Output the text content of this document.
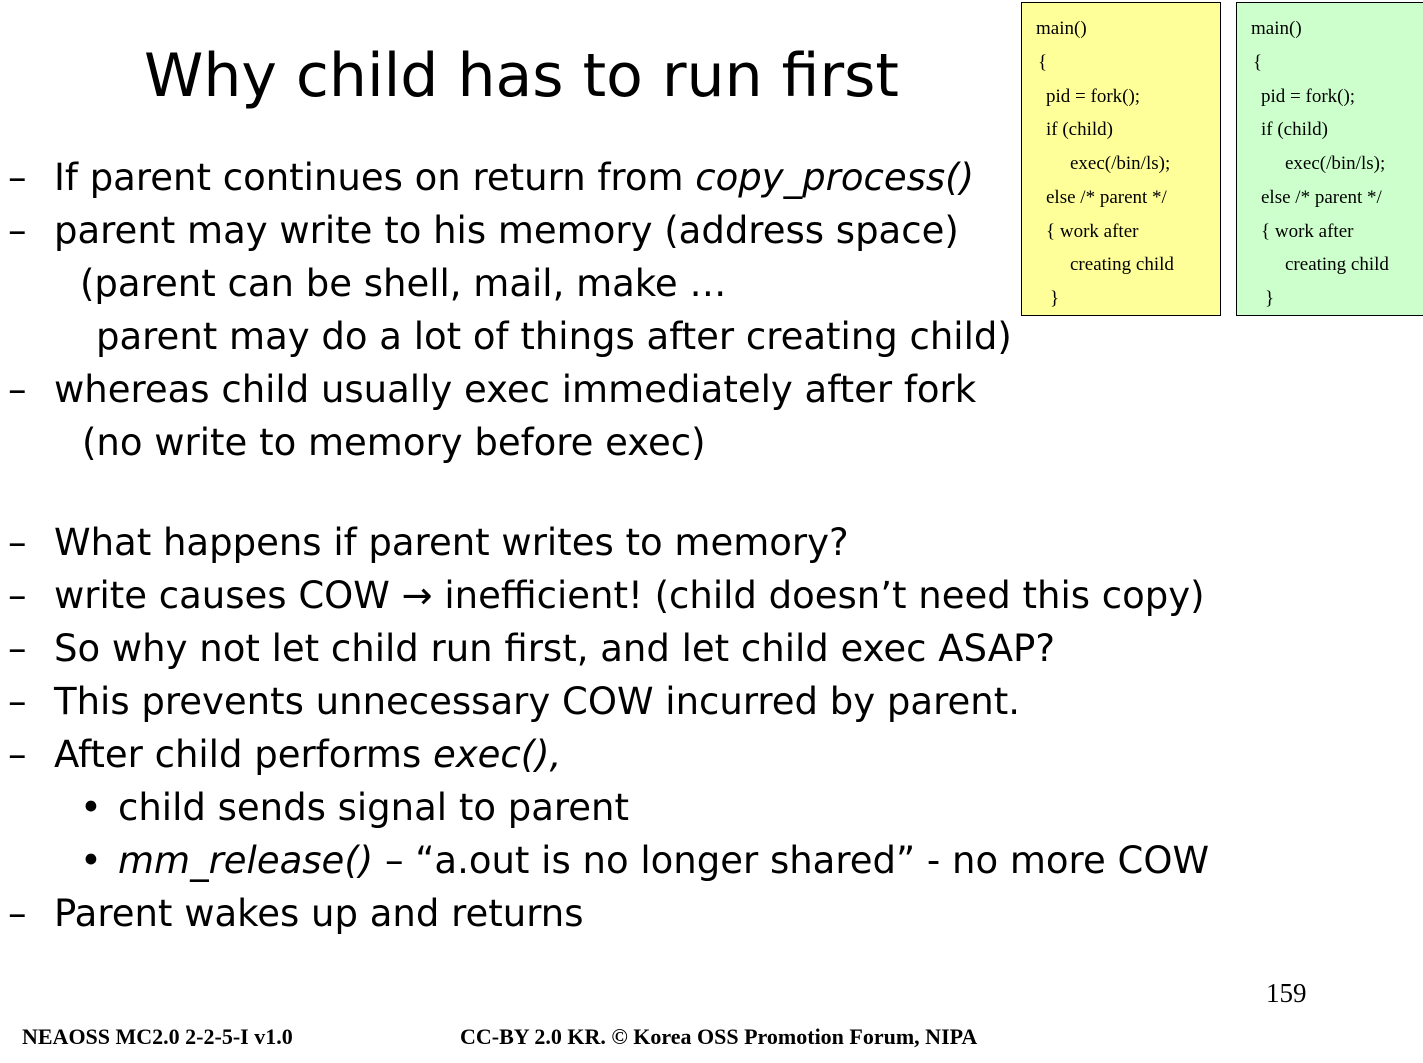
Why child has to run first
main()
{
pid = fork();
if (child)
exec(/bin/ls);
else /* parent */
{ work after
creating child
}
main()
{
pid = fork();
if (child)
exec(/bin/ls);
else /* parent */
{ work after
creating child
}
– If parent continues on return from copy_process()
– parent may write to his memory (address space)
(parent can be shell, mail, make …
parent may do a lot of things after creating child)
– whereas child usually exec immediately after fork
(no write to memory before exec)
– What happens if parent writes to memory?
– write causes COW → inefficient! (child doesn’t need this copy)
– So why not let child run first, and let child exec ASAP?
– This prevents unnecessary COW incurred by parent.
– After child performs exec(),
• child sends signal to parent
• mm_release() – “a.out is no longer shared” - no more COW
– Parent wakes up and returns
159
NEAOSS MC2.0 2-2-5-I v1.0	CC-BY 2.0 KR. © Korea OSS Promotion Forum, NIPA
